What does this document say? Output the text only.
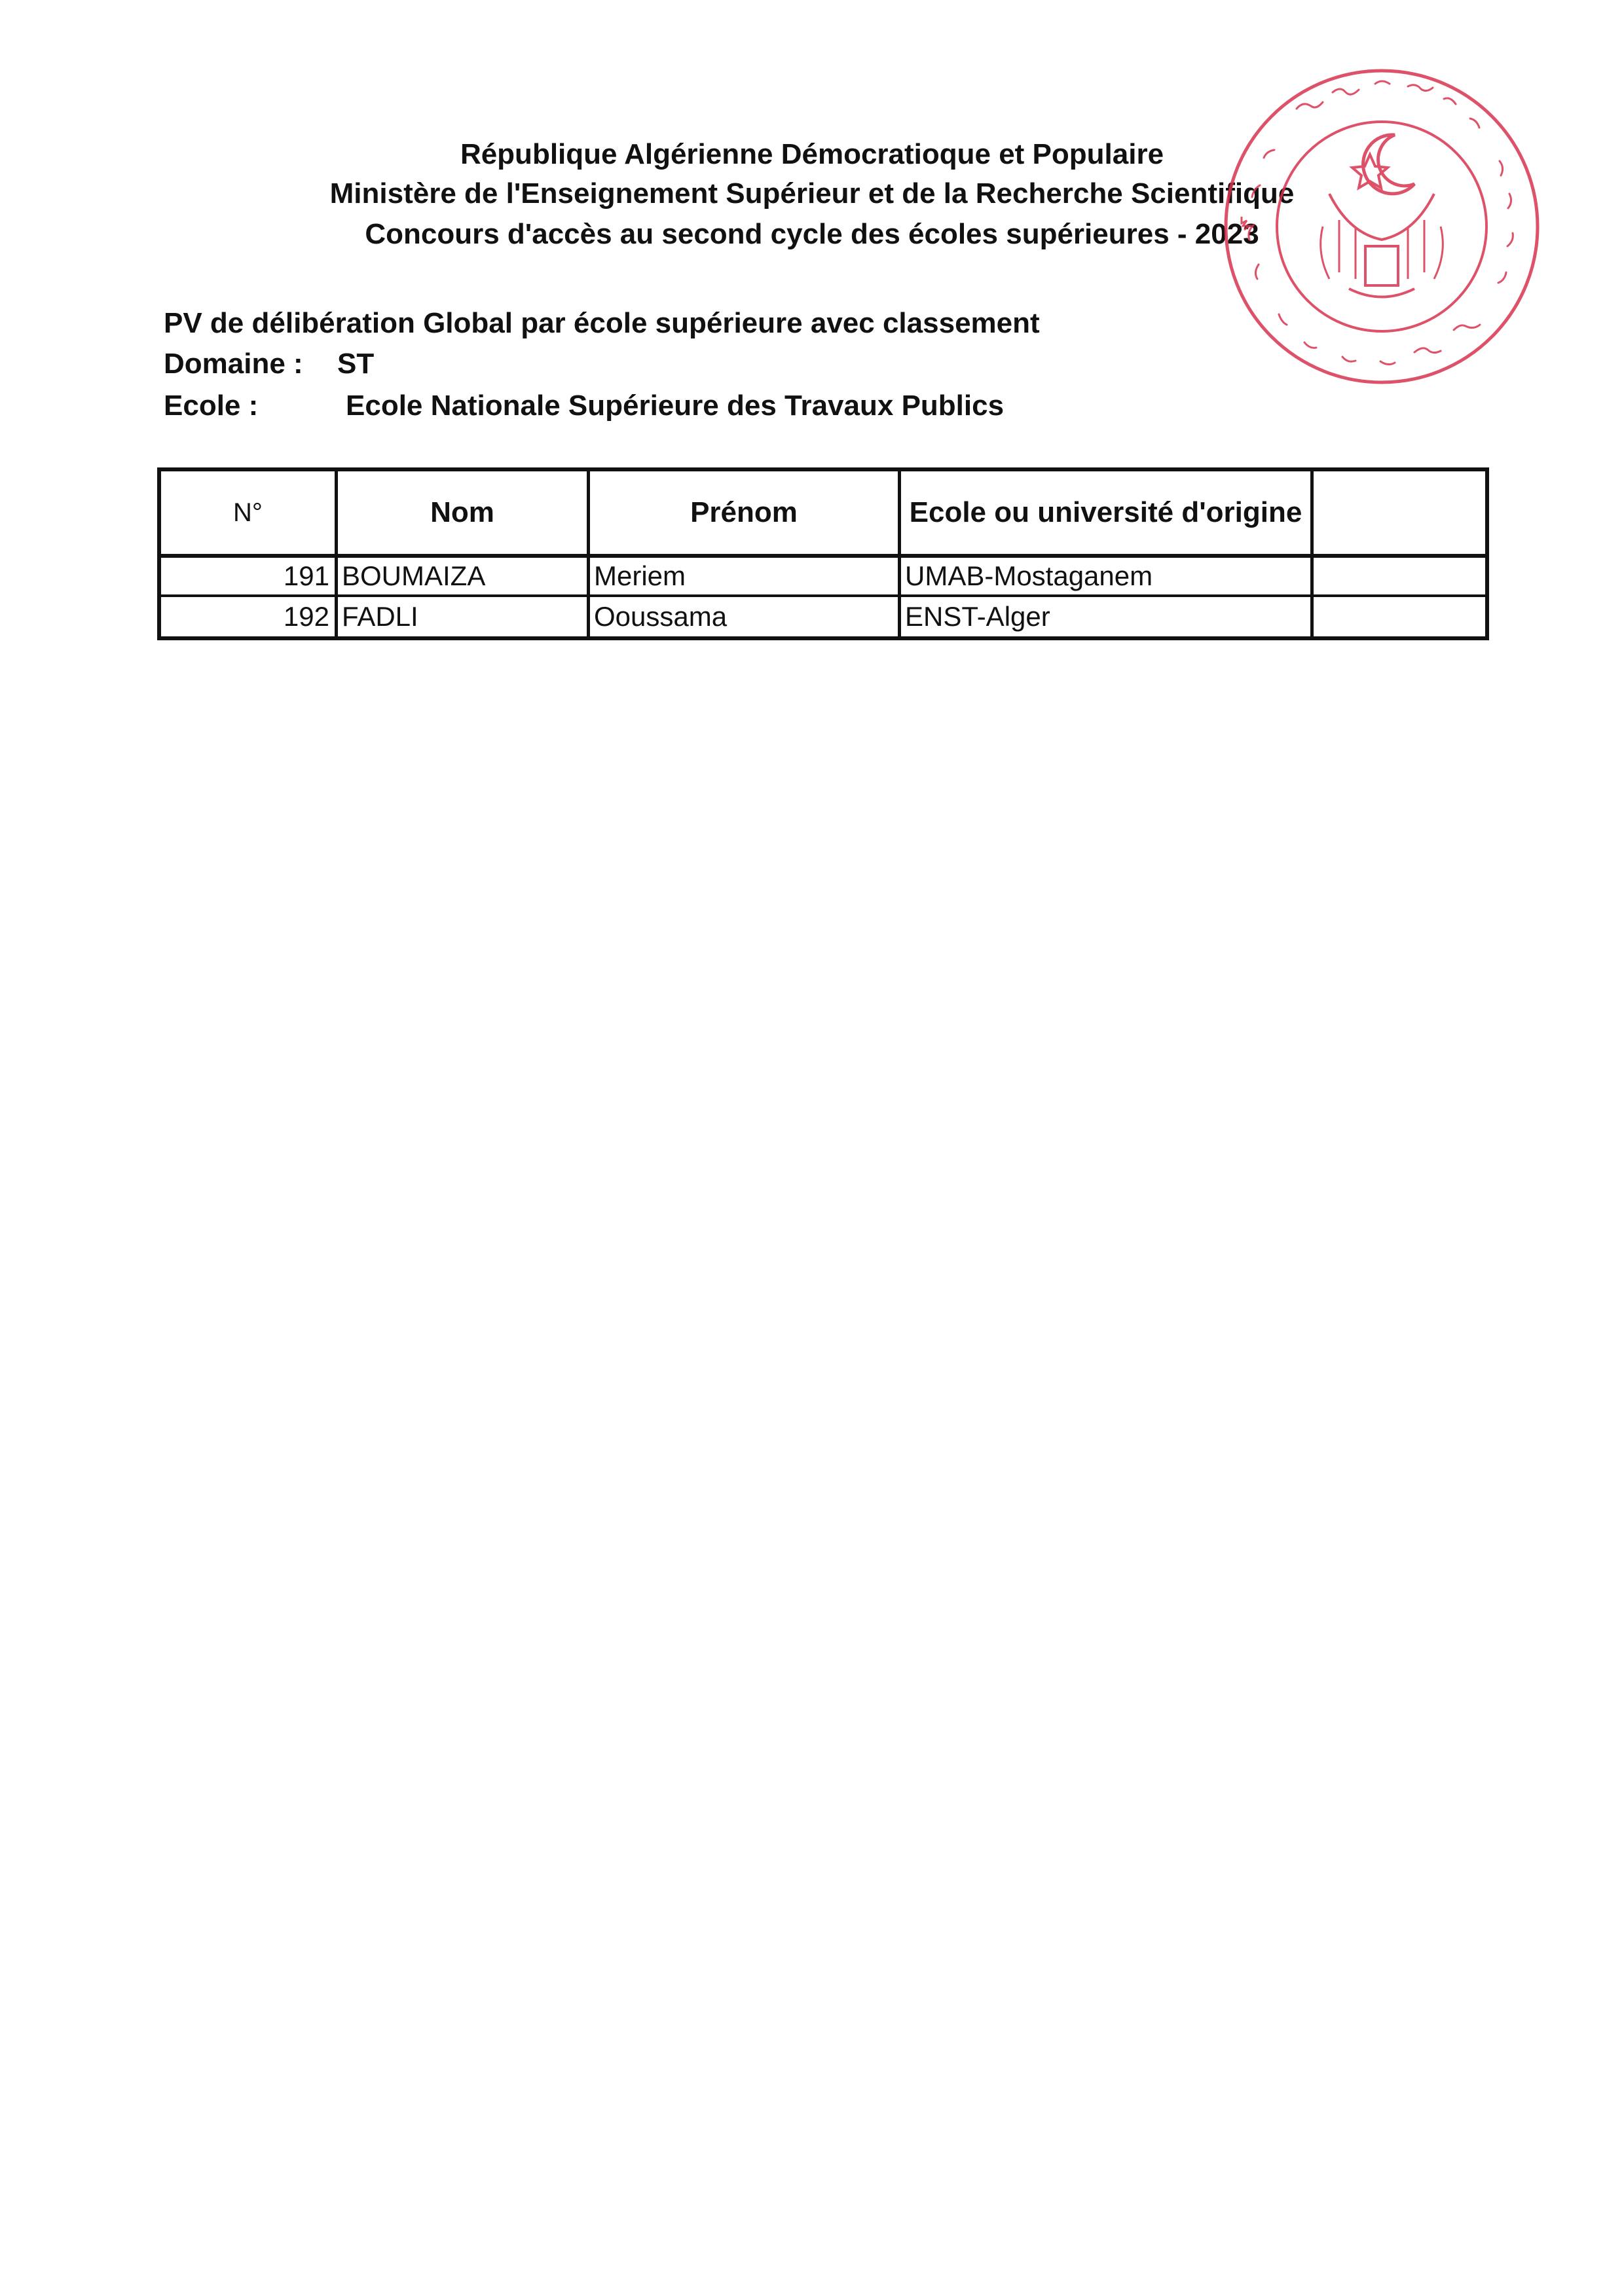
République Algérienne Démocratioque et Populaire
Ministère de l'Enseignement Supérieur et de la Recherche Scientifique
Concours d'accès au second cycle des écoles supérieures - 2023
PV de délibération Global par école supérieure avec classement
Domaine : ST
Ecole :	Ecole Nationale Supérieure des Travaux Publics
N°	Nom	Prénom	Ecole ou université d'origine
191 BOUMAIZA	Meriem	UMAB-Mostaganem
192 FADLI	Ooussama	ENST-Alger
